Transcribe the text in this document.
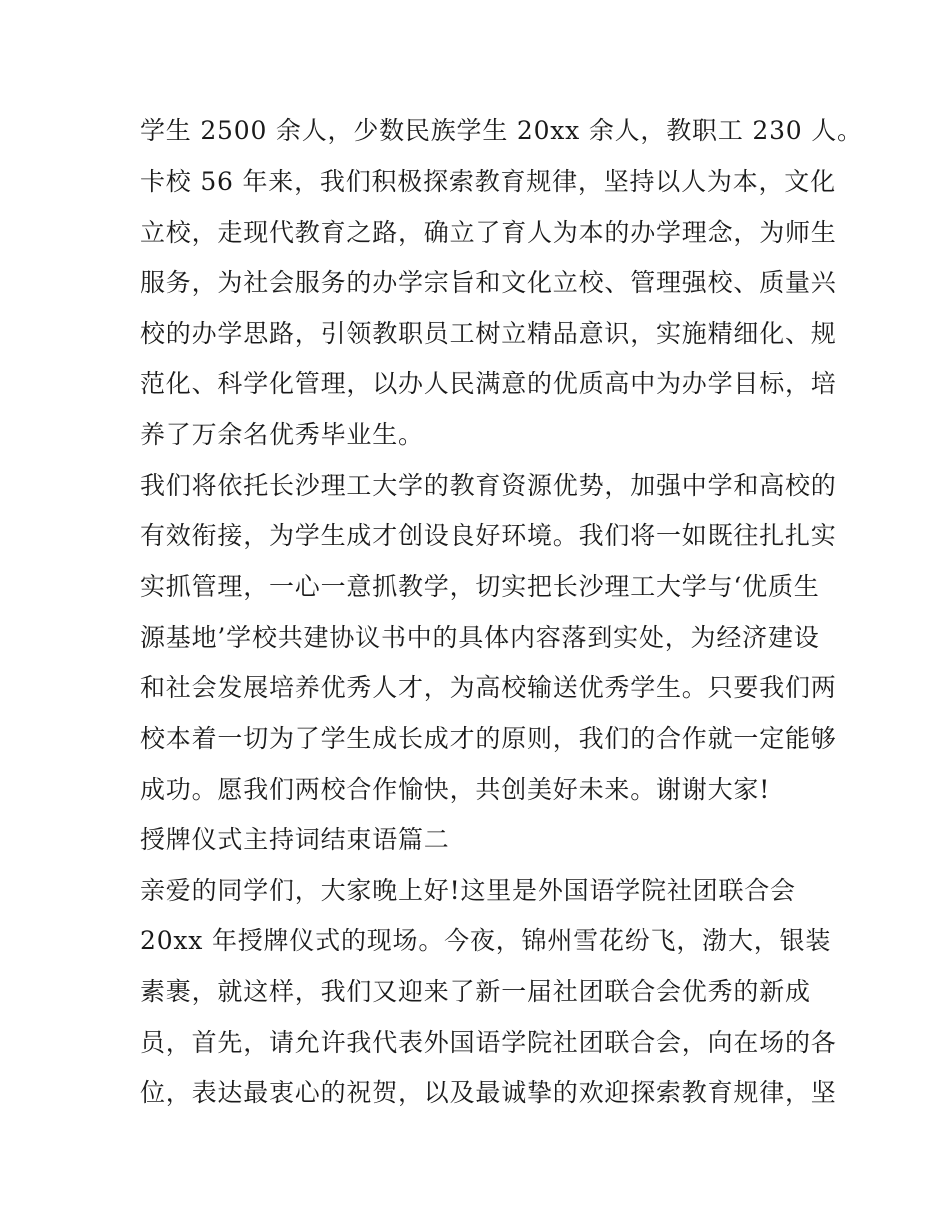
学生 2500 余人，少数民族学生 20xx 余人，教职工 230 人。
卡校 56 年来，我们积极探索教育规律，坚持以人为本，文化
立校，走现代教育之路，确立了育人为本的办学理念，为师生
服务，为社会服务的办学宗旨和文化立校、管理强校、质量兴
校的办学思路，引领教职员工树立精品意识，实施精细化、规
范化、科学化管理，以办人民满意的优质高中为办学目标，培
养了万余名优秀毕业生。
我们将依托长沙理工大学的教育资源优势，加强中学和高校的
有效衔接，为学生成才创设良好环境。我们将一如既往扎扎实
实抓管理，一心一意抓教学，切实把长沙理工大学与‘优质生
源基地’学校共建协议书中的具体内容落到实处，为经济建设
和社会发展培养优秀人才，为高校输送优秀学生。只要我们两
校本着一切为了学生成长成才的原则，我们的合作就一定能够
成功。愿我们两校合作愉快，共创美好未来。谢谢大家!
授牌仪式主持词结束语篇二
亲爱的同学们，大家晚上好!这里是外国语学院社团联合会
20xx 年授牌仪式的现场。今夜，锦州雪花纷飞，渤大，银装
素裹，就这样，我们又迎来了新一届社团联合会优秀的新成
员，首先，请允许我代表外国语学院社团联合会，向在场的各
位，表达最衷心的祝贺，以及最诚挚的欢迎探索教育规律，坚
